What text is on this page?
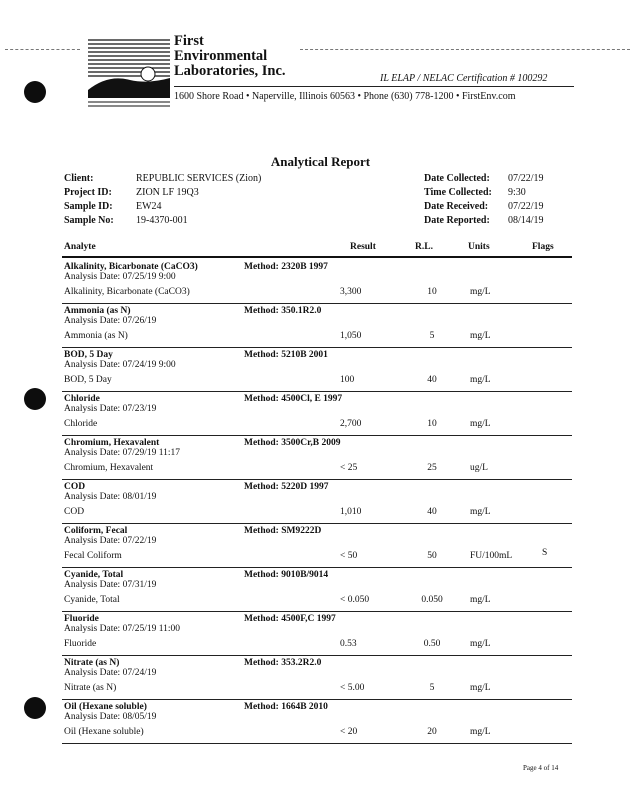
First
Environmental
Laboratories, Inc.	IL ELAP / NELAC Certification # 100292
1600 Shore Road • Naperville, Illinois 60563 • Phone (630) 778-1200 • FirstEnv.com
Analytical Report
Client:	REPUBLIC SERVICES (Zion)
Project ID: ZION LF 19Q3
Sample ID: EW24
Sample No: 19-4370-001
Date Collected: 07/22/19
Time Collected: 9:30
Date Received: 07/22/19
Date Reported: 08/14/19
Analyte	Result	R.L.	Units	Flags
Alkalinity, Bicarbonate (CaCO3)	Method: 2320B 1997
Analysis Date: 07/25/19 9:00
Alkalinity, Bicarbonate (CaCO3)	3,300	10	mg/L
Ammonia (as N)	Method: 350.1R2.0
Analysis Date: 07/26/19
Ammonia (as N)	1,050	5	mg/L
BOD, 5 Day	Method: 5210B 2001
Analysis Date: 07/24/19 9:00
BOD, 5 Day	100	40	mg/L
Chloride	Method: 4500Cl, E 1997
Analysis Date: 07/23/19
Chloride	2,700	10	mg/L
Chromium, Hexavalent	Method: 3500Cr,B 2009
Analysis Date: 07/29/19 11:17
Chromium, Hexavalent	< 25	25	ug/L
COD	Method: 5220D 1997
Analysis Date: 08/01/19
COD	1,010	40	mg/L
Coliform, Fecal	Method: SM9222D
Analysis Date: 07/22/19
Fecal Coliform	< 50	50	FU/100mL	S
Cyanide, Total	Method: 9010B/9014
Analysis Date: 07/31/19
Cyanide, Total	< 0.050	0.050	mg/L
Fluoride	Method: 4500F,C 1997
Analysis Date: 07/25/19 11:00
Fluoride	0.53	0.50	mg/L
Nitrate (as N)	Method: 353.2R2.0
Analysis Date: 07/24/19
Nitrate (as N)	< 5.00	5	mg/L
Oil (Hexane soluble)	Method: 1664B 2010
Analysis Date: 08/05/19
Oil (Hexane soluble)	< 20	20	mg/L
Page 4 of 14
